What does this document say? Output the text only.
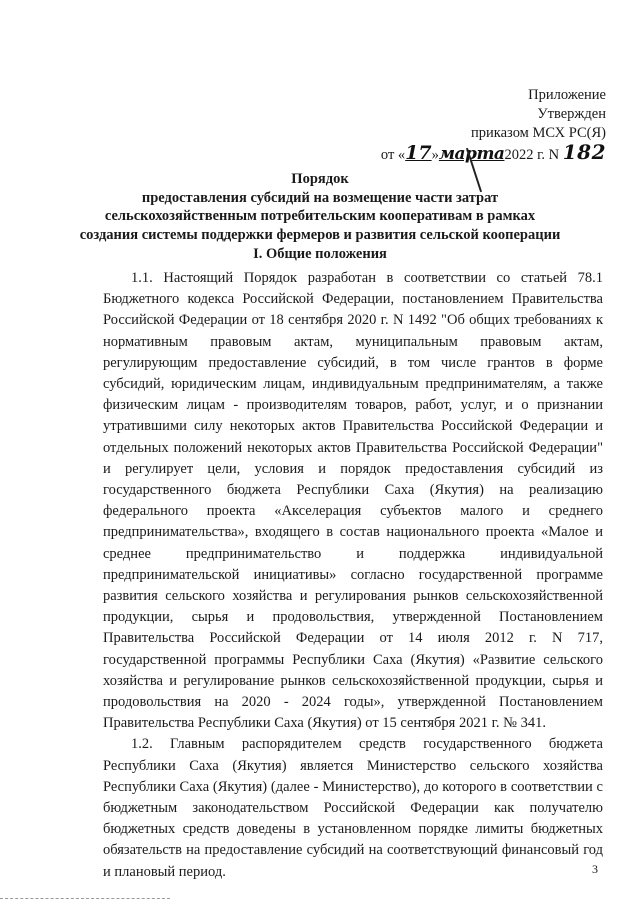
Приложение
Утвержден
приказом МСХ РС(Я)
от «17»марта2022 г. N 182
Порядок
предоставления субсидий на возмещение части затрат
сельскохозяйственным потребительским кооперативам в рамках
создания системы поддержки фермеров и развития сельской кооперации
I. Общие положения

1.1. Настоящий Порядок разработан в соответствии со статьей 78.1 Бюджетного кодекса Российской Федерации, постановлением Правительства Российской Федерации от 18 сентября 2020 г. N 1492 "Об общих требованиях к нормативным правовым актам, муниципальным правовым актам, регулирующим предоставление субсидий, в том числе грантов в форме субсидий, юридическим лицам, индивидуальным предпринимателям, а также физическим лицам - производителям товаров, работ, услуг, и о признании утратившими силу некоторых актов Правительства Российской Федерации и отдельных положений некоторых актов Правительства Российской Федерации" и регулирует цели, условия и порядок предоставления субсидий из государственного бюджета Республики Саха (Якутия) на реализацию федерального проекта «Акселерация субъектов малого и среднего предпринимательства», входящего в состав национального проекта «Малое и среднее предпринимательство и поддержка индивидуальной предпринимательской инициативы» согласно государственной программе развития сельского хозяйства и регулирования рынков сельскохозяйственной продукции, сырья и продовольствия, утвержденной Постановлением Правительства Российской Федерации от 14 июля 2012 г. N 717, государственной программы Республики Саха (Якутия) «Развитие сельского хозяйства и регулирование рынков сельскохозяйственной продукции, сырья и продовольствия на 2020 - 2024 годы», утвержденной Постановлением Правительства Республики Саха (Якутия) от 15 сентября 2021 г. № 341.

1.2. Главным распорядителем средств государственного бюджета Республики Саха (Якутия) является Министерство сельского хозяйства Республики Саха (Якутия) (далее - Министерство), до которого в соответствии с бюджетным законодательством Российской Федерации как получателю бюджетных средств доведены в установленном порядке лимиты бюджетных обязательств на предоставление субсидий на соответствующий финансовый год и плановый период.	3
